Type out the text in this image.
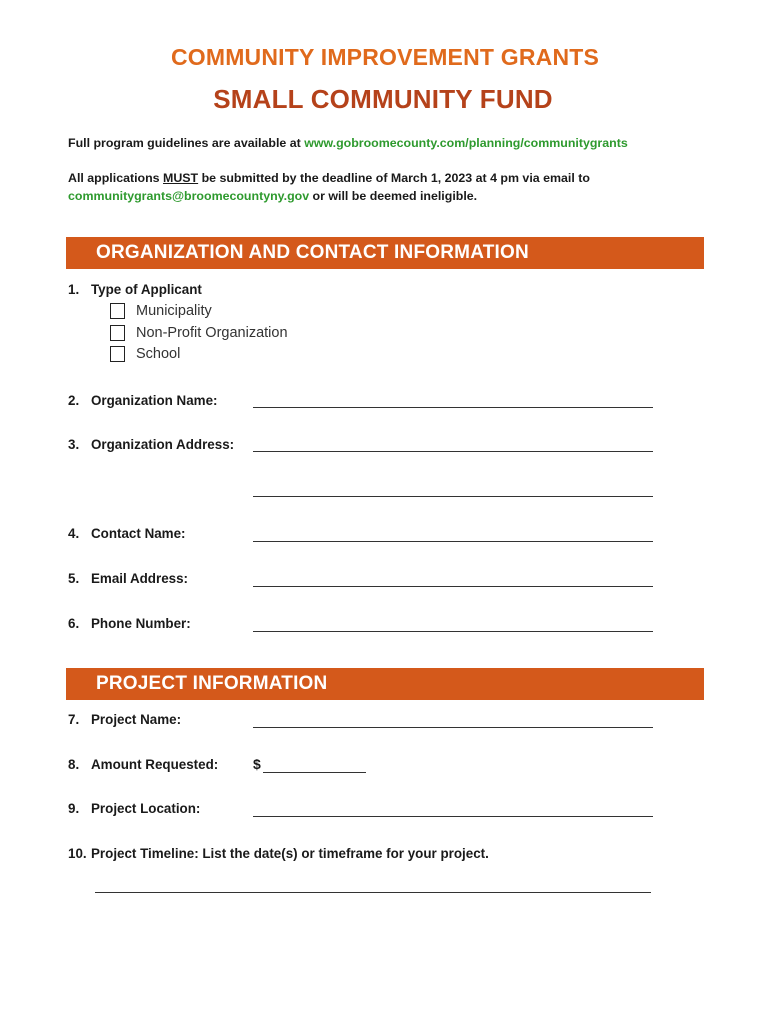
COMMUNITY IMPROVEMENT GRANTS
SMALL COMMUNITY FUND
Full program guidelines are available at www.gobroomecounty.com/planning/communitygrants
All applications MUST be submitted by the deadline of March 1, 2023 at 4 pm via email to
communitygrants@broomecountyny.gov or will be deemed ineligible.
ORGANIZATION AND CONTACT INFORMATION
1. Type of Applicant
Municipality
Non-Profit Organization
School
2. Organization Name:
3. Organization Address:
4. Contact Name:
5. Email Address:
6. Phone Number:
PROJECT INFORMATION
7. Project Name:
8. Amount Requested: $
9. Project Location:
10. Project Timeline: List the date(s) or timeframe for your project.
